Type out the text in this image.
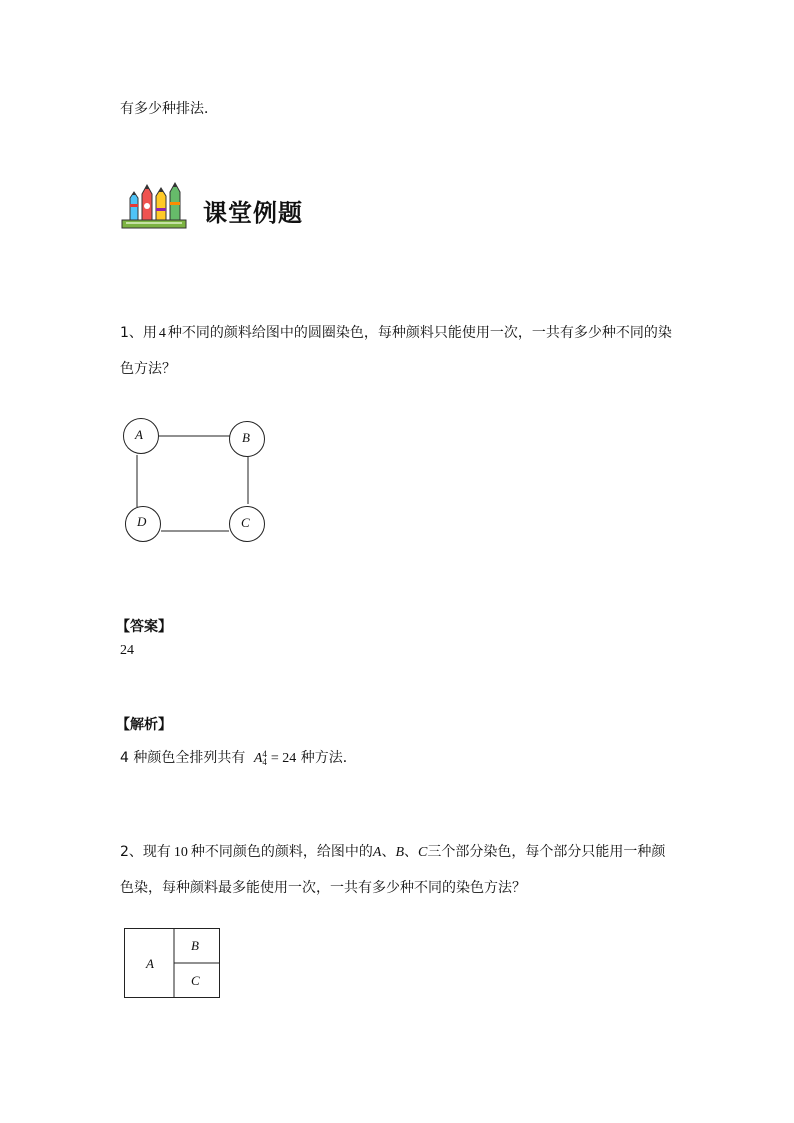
有多少种排法．
课堂例题
1、用 4 种不同的颜料给图中的圆圈染色，每种颜料只能使用一次，一共有多少种不同的染
色方法？
A	B
D	C
【答案】
24
【解析】
4 种颜色全排列共有 A 4
4 = 24 种方法．
2、现有 10 种不同颜色的颜料，给图中的A、B、C三个部分染色，每个部分只能用一种颜
色染，每种颜料最多能使用一次，一共有多少种不同的染色方法？
A
B
C
